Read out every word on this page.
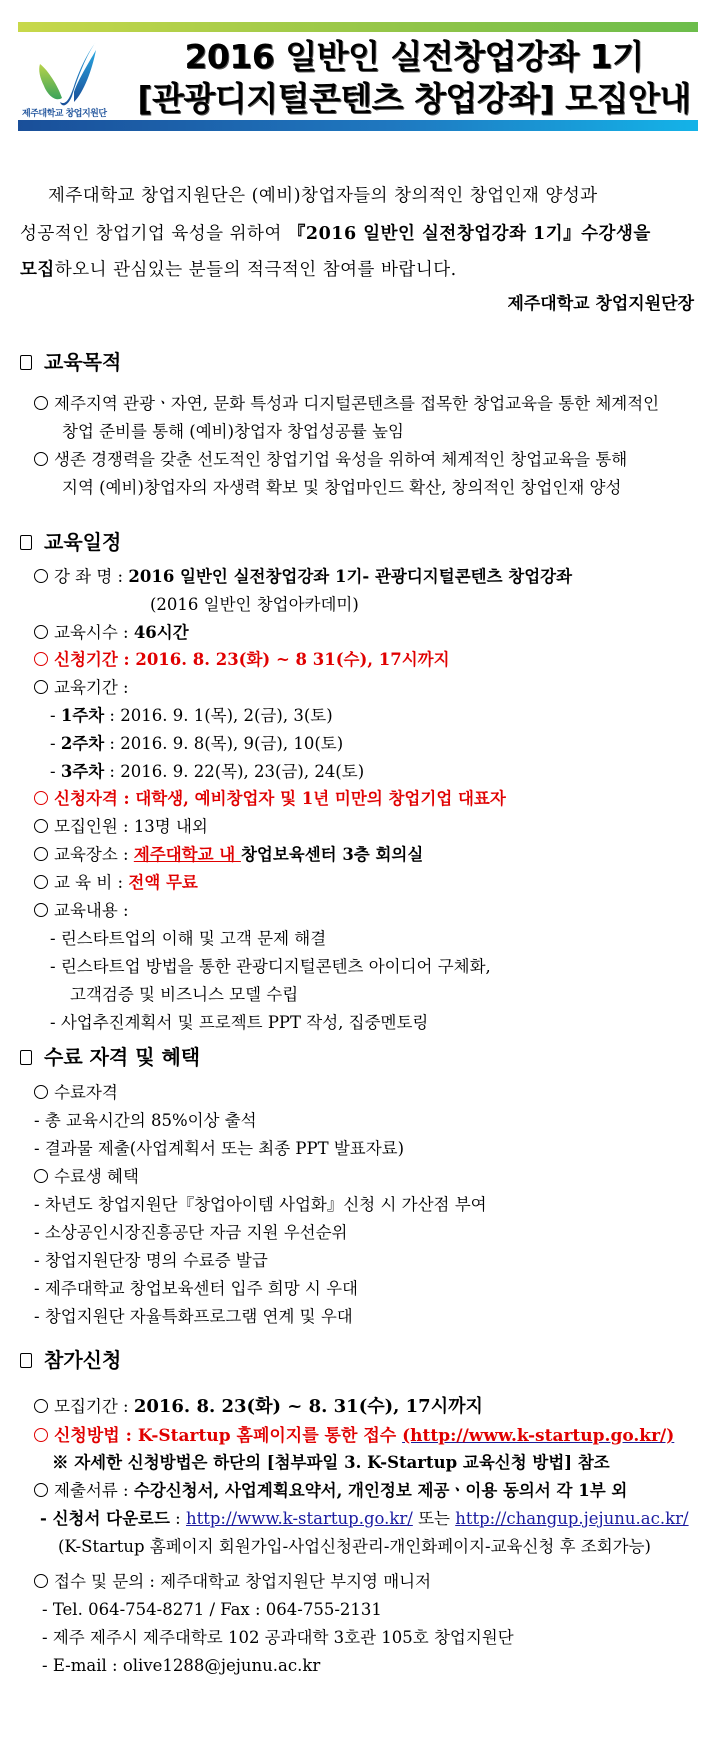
제주대학교 창업지원단
2016 일반인 실전창업강좌 1기
[관광디지털콘텐츠 창업강좌] 모집안내
제주대학교 창업지원단은 (예비)창업자들의 창의적인 창업인재 양성과
성공적인 창업기업 육성을 위하여 『2016 일반인 실전창업강좌 1기』수강생을
모집하오니 관심있는 분들의 적극적인 참여를 바랍니다.
제주대학교 창업지원단장
교육목적
제주지역 관광ㆍ자연, 문화 특성과 디지털콘텐츠를 접목한 창업교육을 통한 체계적인
창업 준비를 통해 (예비)창업자 창업성공률 높임
생존 경쟁력을 갖춘 선도적인 창업기업 육성을 위하여 체계적인 창업교육을 통해
지역 (예비)창업자의 자생력 확보 및 창업마인드 확산, 창의적인 창업인재 양성
교육일정
강 좌 명 : 2016 일반인 실전창업강좌 1기- 관광디지털콘텐츠 창업강좌
(2016 일반인 창업아카데미)
교육시수 : 46시간
신청기간 : 2016. 8. 23(화) ~ 8 31(수), 17시까지
교육기간 :
- 1주차 : 2016. 9. 1(목), 2(금), 3(토)
- 2주차 : 2016. 9. 8(목), 9(금), 10(토)
- 3주차 : 2016. 9. 22(목), 23(금), 24(토)
신청자격 : 대학생, 예비창업자 및 1년 미만의 창업기업 대표자
모집인원 : 13명 내외
교육장소 : 제주대학교 내 창업보육센터 3층 회의실
교 육 비 : 전액 무료
교육내용 :
- 린스타트업의 이해 및 고객 문제 해결
- 린스타트업 방법을 통한 관광디지털콘텐츠 아이디어 구체화,
고객검증 및 비즈니스 모델 수립
- 사업추진계획서 및 프로젝트 PPT 작성, 집중멘토링
수료 자격 및 혜택
수료자격
- 총 교육시간의 85%이상 출석
- 결과물 제출(사업계획서 또는 최종 PPT 발표자료)
수료생 혜택
- 차년도 창업지원단『창업아이템 사업화』신청 시 가산점 부여
- 소상공인시장진흥공단 자금 지원 우선순위
- 창업지원단장 명의 수료증 발급
- 제주대학교 창업보육센터 입주 희망 시 우대
- 창업지원단 자율특화프로그램 연계 및 우대
참가신청
모집기간 : 2016. 8. 23(화) ~ 8. 31(수), 17시까지
신청방법 : K-Startup 홈페이지를 통한 접수 (http://www.k-startup.go.kr/)
※ 자세한 신청방법은 하단의 [첨부파일 3. K-Startup 교육신청 방법] 참조
제출서류 : 수강신청서, 사업계획요약서, 개인정보 제공ㆍ이용 동의서 각 1부 외
- 신청서 다운로드 : http://www.k-startup.go.kr/ 또는 http://changup.jejunu.ac.kr/
(K-Startup 홈페이지 회원가입-사업신청관리-개인화페이지-교육신청 후 조회가능)
접수 및 문의 : 제주대학교 창업지원단 부지영 매니저
- Tel. 064-754-8271 / Fax : 064-755-2131
- 제주 제주시 제주대학로 102 공과대학 3호관 105호 창업지원단
- E-mail : olive1288@jejunu.ac.kr
